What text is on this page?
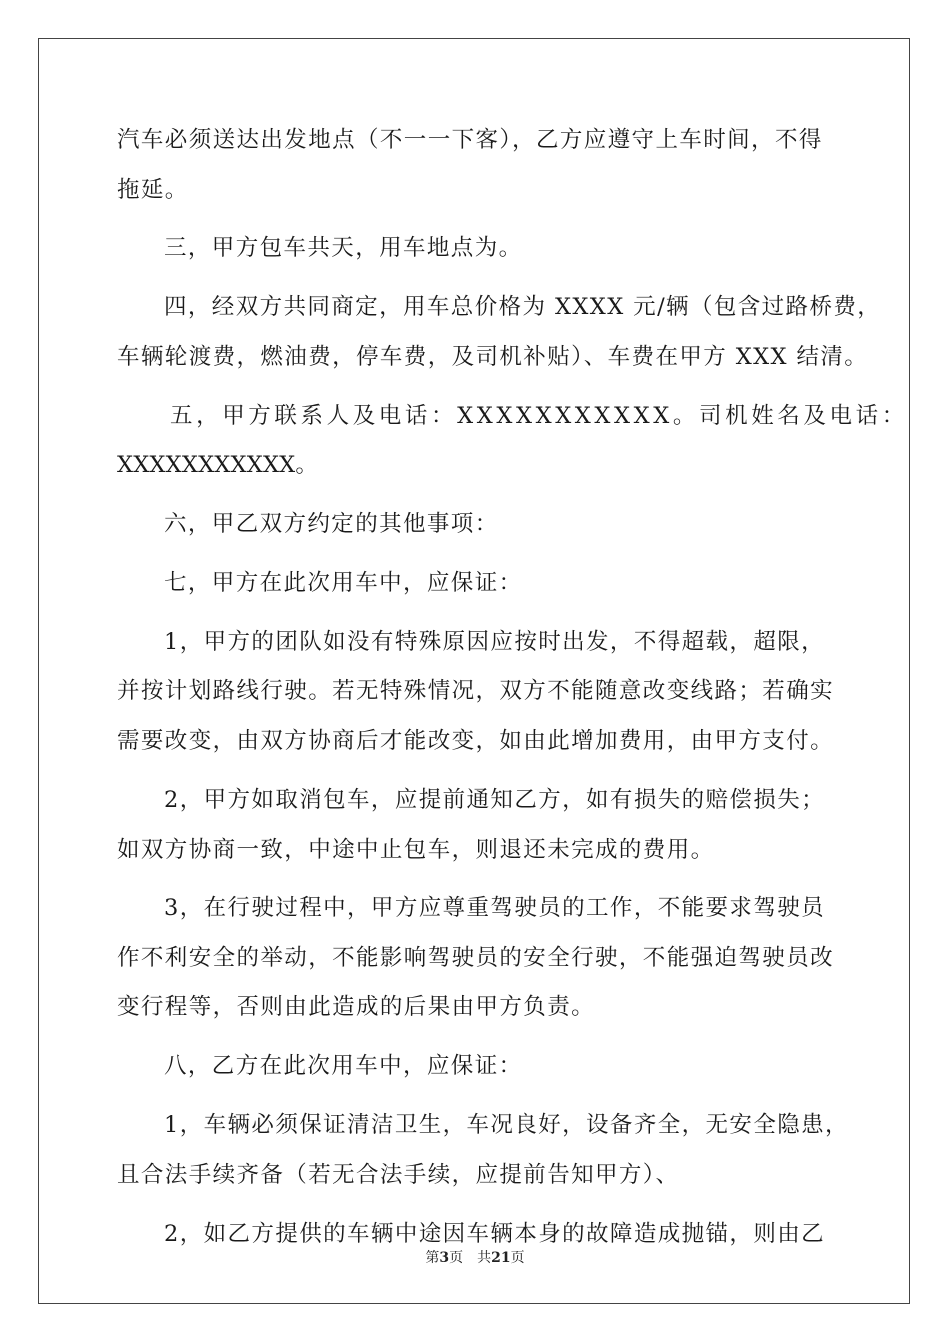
汽车必须送达出发地点（不一一下客），乙方应遵守上车时间，不得
拖延。
三，甲方包车共天，用车地点为。
四，经双方共同商定，用车总价格为 XXXX 元/辆（包含过路桥费，
车辆轮渡费，燃油费，停车费，及司机补贴）、车费在甲方 XXX 结清。
五，甲方联系人及电话：XXXXXXXXXXX。司机姓名及电话：
XXXXXXXXXXX。
六，甲乙双方约定的其他事项：
七，甲方在此次用车中，应保证：
1，甲方的团队如没有特殊原因应按时出发，不得超载，超限，
并按计划路线行驶。若无特殊情况，双方不能随意改变线路；若确实
需要改变，由双方协商后才能改变，如由此增加费用，由甲方支付。
2，甲方如取消包车，应提前通知乙方，如有损失的赔偿损失；
如双方协商一致，中途中止包车，则退还未完成的费用。
3，在行驶过程中，甲方应尊重驾驶员的工作，不能要求驾驶员
作不利安全的举动，不能影响驾驶员的安全行驶，不能强迫驾驶员改
变行程等，否则由此造成的后果由甲方负责。
八，乙方在此次用车中，应保证：
1，车辆必须保证清洁卫生，车况良好，设备齐全，无安全隐患，
且合法手续齐备（若无合法手续，应提前告知甲方）、
2，如乙方提供的车辆中途因车辆本身的故障造成抛锚，则由乙
第3页　共21页
